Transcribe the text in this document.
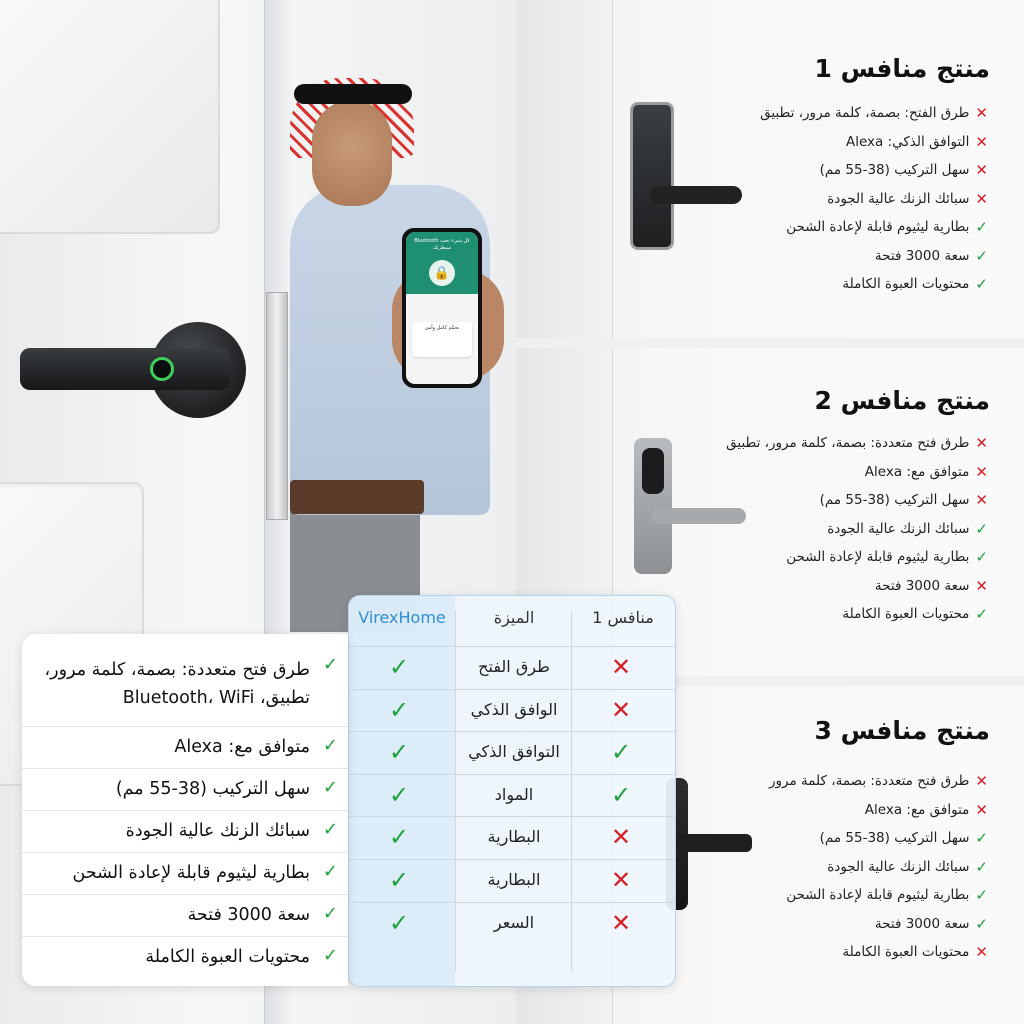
Bluetooth كل شيء تحت سيطرتك
🔒
تحكم كامل وآمن
منتج منافس 1
✕
طرق الفتح: بصمة، كلمة مرور، تطبيق
✕
التوافق الذكي: Alexa
✕
سهل التركيب (38-55 مم)
✕
سبائك الزنك عالية الجودة
✓
بطارية ليثيوم قابلة لإعادة الشحن
✓
سعة 3000 فتحة
✓
محتويات العبوة الكاملة
منتج منافس 2
✕
طرق فتح متعددة: بصمة، كلمة مرور، تطبيق
✕
متوافق مع: Alexa
✕
سهل التركيب (38-55 مم)
✓
سبائك الزنك عالية الجودة
✓
بطارية ليثيوم قابلة لإعادة الشحن
✕
سعة 3000 فتحة
✓
محتويات العبوة الكاملة
منتج منافس 3
✕
طرق فتح متعددة: بصمة، كلمة مرور
✕
متوافق مع: Alexa
✓
سهل التركيب (38-55 مم)
✓
سبائك الزنك عالية الجودة
✓
بطارية ليثيوم قابلة لإعادة الشحن
✓
سعة 3000 فتحة
✕
محتويات العبوة الكاملة
VirexHome	الميزة	منافس 1
✓	طرق الفتح	✕
✓	الوافق الذكي	✕
✓	التوافق الذكي	✓
✓	المواد	✓
✓	البطارية	✕
✓	البطارية	✕
✓	السعر	✕
✓
طرق فتح متعددة: بصمة، كلمة مرور، تطبيق، Bluetooth، WiFi
✓
متوافق مع: Alexa
✓
سهل التركيب (38-55 مم)
✓
سبائك الزنك عالية الجودة
✓
بطارية ليثيوم قابلة لإعادة الشحن
✓
سعة 3000 فتحة
✓
محتويات العبوة الكاملة
